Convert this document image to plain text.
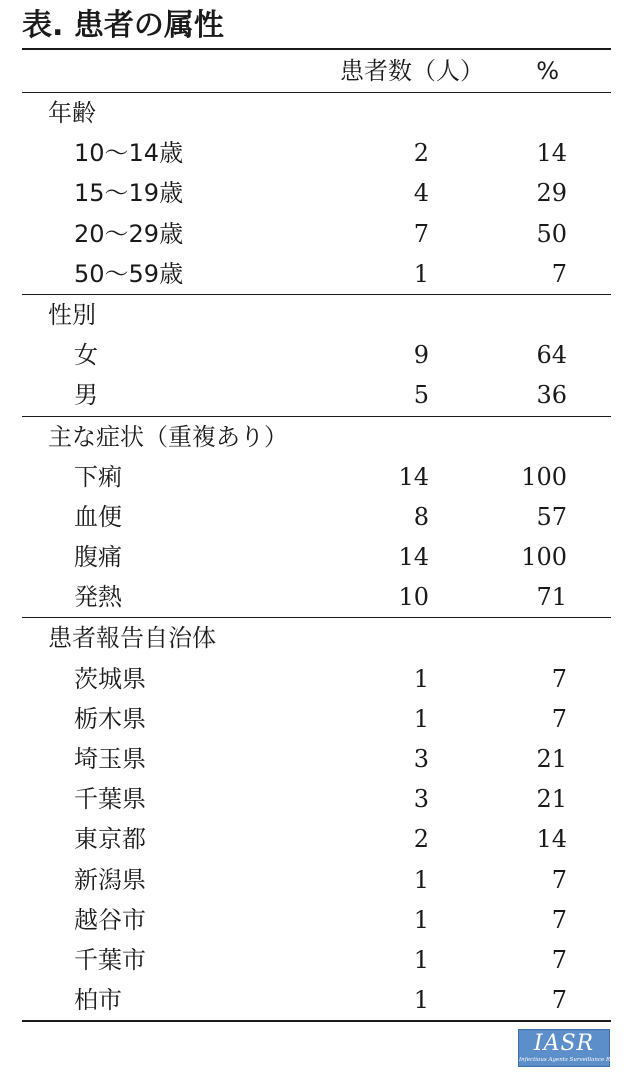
表. 患者の属性
患者数（人） %
年齢
10～14歳	2	14
15～19歳	4	29
20～29歳	7	50
50～59歳	1	7
性別
女	9	64
男	5	36
主な症状（重複あり）
下痢	14	100
血便	8	57
腹痛	14	100
発熱	10	71
患者報告自治体
茨城県	1	7
栃木県	1	7
埼玉県	3	21
千葉県	3	21
東京都	2	14
新潟県	1	7
越谷市	1	7
千葉市	1	7
柏市	1	7
IASR
Infectious Agents Surveillance Report
